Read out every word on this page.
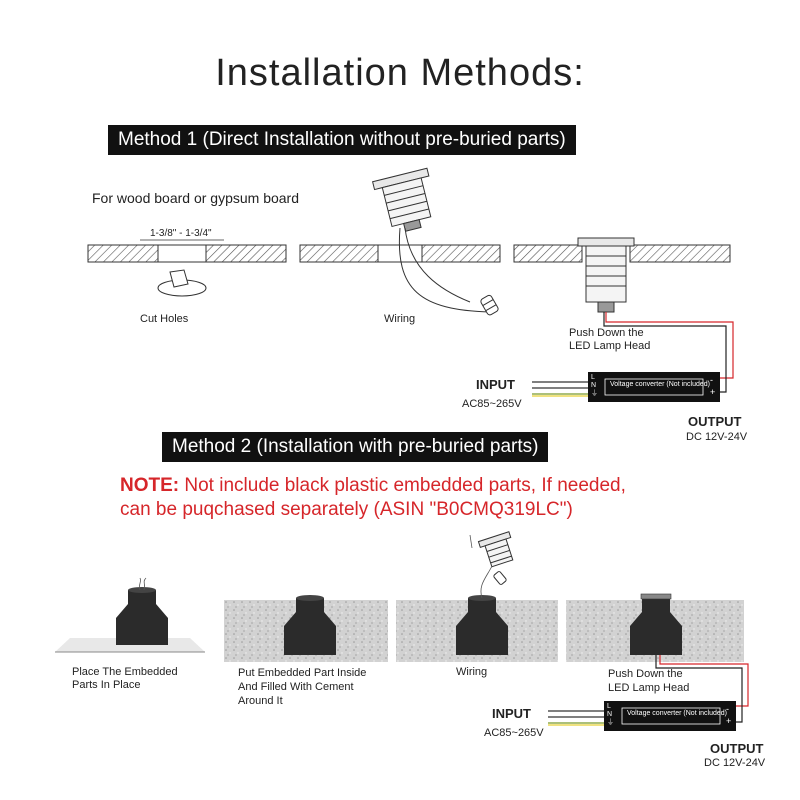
Installation Methods:
Method 1 (Direct Installation without pre-buried parts)
For wood board or gypsum board
1-3/8" - 1-3/4"
Cut Holes	Wiring
Push Down the
LED Lamp Head
INPUT
AC85~265V
Voltage converter (Not included)
L
N
⏚
-
+
OUTPUT
DC 12V-24V
Method 2 (Installation with pre-buried parts)
NOTE: Not include black plastic embedded parts, If needed,
can be puqchased separately (ASIN "B0CMQ319LC")
Place The Embedded
Parts In Place
Put Embedded Part Inside
And Filled With Cement
Around It
Wiring	Push Down the
LED Lamp Head
INPUT
AC85~265V
Voltage converter (Not included)
L
N
⏚
-
+
OUTPUT
DC 12V-24V
